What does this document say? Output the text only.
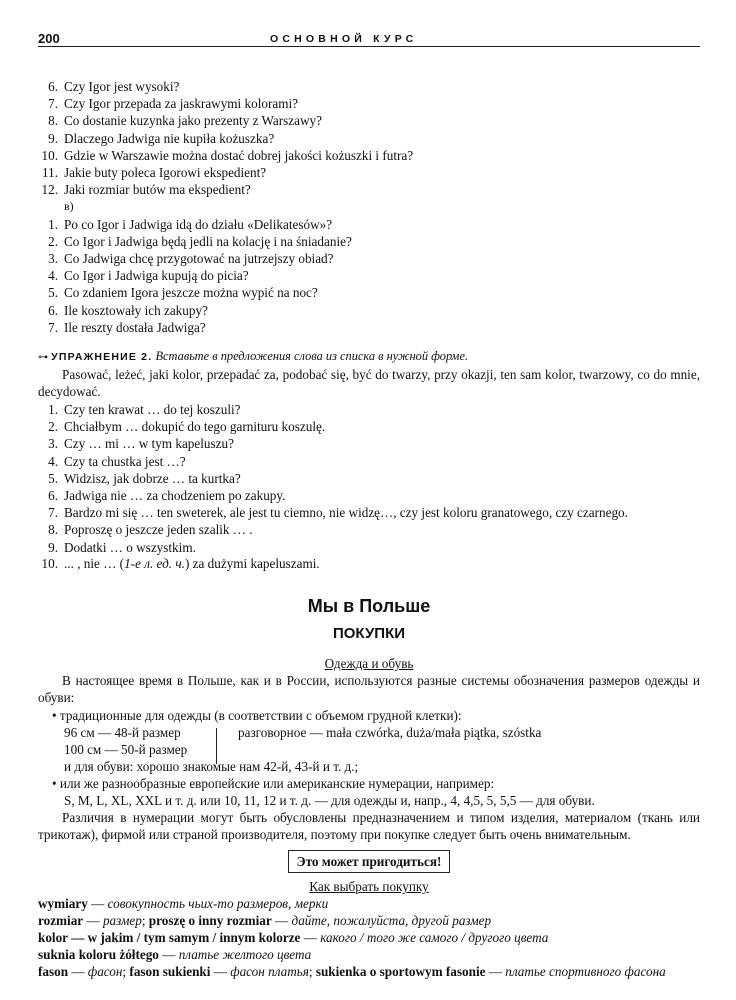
200	ОСНОВНОЙ КУРС
6. Czy Igor jest wysoki?
7. Czy Igor przepada za jaskrawymi kolorami?
8. Co dostanie kuzynka jako prezenty z Warszawy?
9. Dlaczego Jadwiga nie kupiła kożuszka?
10. Gdzie w Warszawie można dostać dobrej jakości kożuszki i futra?
11. Jakie buty poleca Igorowi ekspedient?
12. Jaki rozmiar butów ma ekspedient?
в)
1. Po co Igor i Jadwiga idą do działu «Delikatesów»?
2. Co Igor i Jadwiga będą jedli na kolację i na śniadanie?
3. Co Jadwiga chcę przygotować na jutrzejszy obiad?
4. Co Igor i Jadwiga kupują do picia?
5. Co zdaniem Igora jeszcze można wypić na noc?
6. Ile kosztowały ich zakupy?
7. Ile reszty dostała Jadwiga?
⊶ УПРАЖНЕНИЕ 2. Вставьте в предложения слова из списка в нужной форме.
Pasować, leżeć, jaki kolor, przepadać za, podobać się, być do twarzy, przy okazji, ten sam kolor, twarzowy, co do mnie, decydować.
1. Czy ten krawat … do tej koszuli?
2. Chciałbym … dokupić do tego garnituru koszulę.
3. Czy … mi … w tym kapeluszu?
4. Czy ta chustka jest …?
5. Widzisz, jak dobrze … ta kurtka?
6. Jadwiga nie … za chodzeniem po zakupy.
7. Bardzo mi się … ten sweterek, ale jest tu ciemno, nie widzę…, czy jest koloru granatowego, czy czarnego.
8. Poproszę o jeszcze jeden szalik … .
9. Dodatki … o wszystkim.
10. ... , nie … (1-е л. ед. ч.) za dużymi kapeluszami.
Мы в Польше
ПОКУПКИ
Одежда и обувь
В настоящее время в Польше, как и в России, используются разные системы обозначения размеров одежды и обуви:
• традиционные для одежды (в соответствии с объемом грудной клетки):
96 см — 48-й размер
100 см — 50-й размер
разговорное — mała czwórka, duża/mała piątka, szóstka
и для обуви: хорошо знакомые нам 42-й, 43-й и т. д.;
• или же разнообразные европейские или американские нумерации, например:
S, M, L, XL, XXL и т. д. или 10, 11, 12 и т. д. — для одежды и, напр., 4, 4,5, 5, 5,5 — для обуви.
Различия в нумерации могут быть обусловлены предназначением и типом изделия, материалом (ткань или трикотаж), фирмой или страной производителя, поэтому при покупке следует быть очень внимательным.
Это может пригодиться!
Как выбрать покупку
wymiary — совокупность чьих-то размеров, мерки
rozmiar — размер; proszę o inny rozmiar — дайте, пожалуйста, другой размер
kolor — w jakim / tym samym / innym kolorze — какого / того же самого / другого цвета
suknia koloru żółtego — платье желтого цвета
fason — фасон; fason sukienki — фасон платья; sukienka o sportowym fasonie — платье спортивного фасона
